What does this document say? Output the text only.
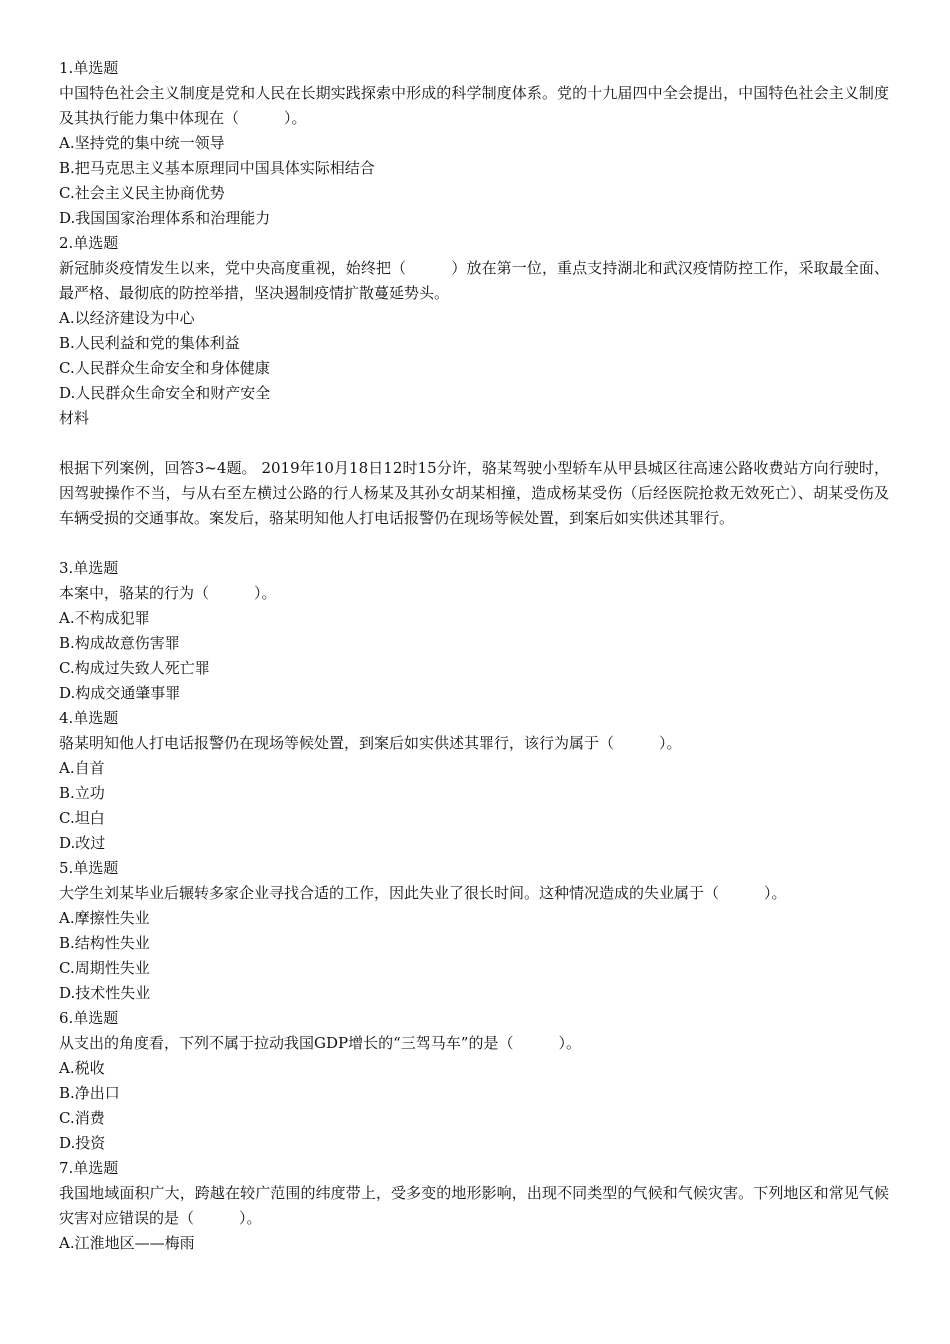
1.单选题
中国特色社会主义制度是党和人民在长期实践探索中形成的科学制度体系。党的十九届四中全会提出，中国特色社会主义制度及其执行能力集中体现在（　　　）。
A.坚持党的集中统一领导
B.把马克思主义基本原理同中国具体实际相结合
C.社会主义民主协商优势
D.我国国家治理体系和治理能力
2.单选题
新冠肺炎疫情发生以来，党中央高度重视，始终把（　　　）放在第一位，重点支持湖北和武汉疫情防控工作，采取最全面、最严格、最彻底的防控举措，坚决遏制疫情扩散蔓延势头。
A.以经济建设为中心
B.人民利益和党的集体利益
C.人民群众生命安全和身体健康
D.人民群众生命安全和财产安全
材料
根据下列案例，回答3~4题。 2019年10月18日12时15分许，骆某驾驶小型轿车从甲县城区往高速公路收费站方向行驶时，因驾驶操作不当，与从右至左横过公路的行人杨某及其孙女胡某相撞，造成杨某受伤（后经医院抢救无效死亡）、胡某受伤及车辆受损的交通事故。案发后，骆某明知他人打电话报警仍在现场等候处置，到案后如实供述其罪行。
3.单选题
本案中，骆某的行为（　　　）。
A.不构成犯罪
B.构成故意伤害罪
C.构成过失致人死亡罪
D.构成交通肇事罪
4.单选题
骆某明知他人打电话报警仍在现场等候处置，到案后如实供述其罪行，该行为属于（　　　）。
A.自首
B.立功
C.坦白
D.改过
5.单选题
大学生刘某毕业后辗转多家企业寻找合适的工作，因此失业了很长时间。这种情况造成的失业属于（　　　）。
A.摩擦性失业
B.结构性失业
C.周期性失业
D.技术性失业
6.单选题
从支出的角度看，下列不属于拉动我国GDP增长的“三驾马车”的是（　　　）。
A.税收
B.净出口
C.消费
D.投资
7.单选题
我国地域面积广大，跨越在较广范围的纬度带上，受多变的地形影响，出现不同类型的气候和气候灾害。下列地区和常见气候灾害对应错误的是（　　　）。
A.江淮地区——梅雨
